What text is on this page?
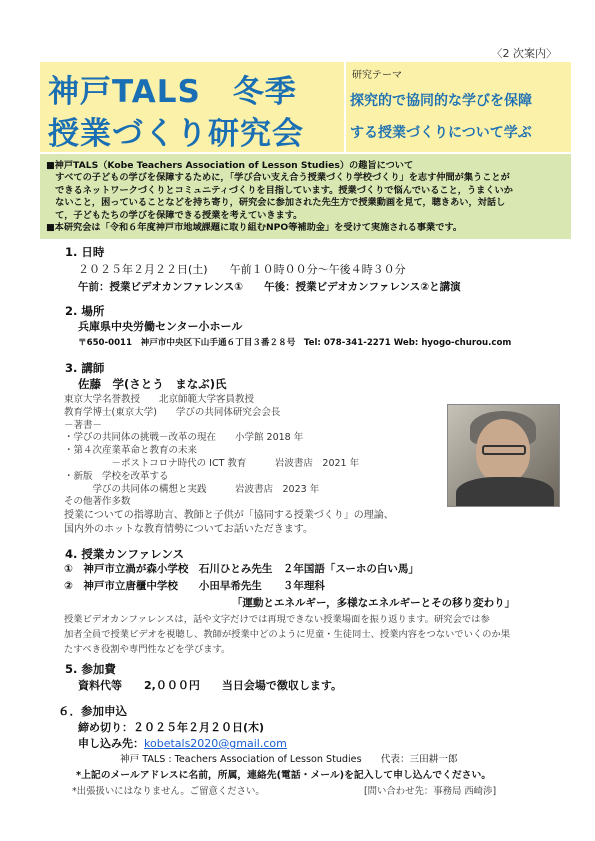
〈2 次案内〉
神戸TALS　冬季
授業づくり研究会
研究テーマ
探究的で協同的な学びを保障
する授業づくりについて学ぶ
■神戸TALS（Kobe Teachers Association of Lesson Studies）の趣旨について
　すべての子どもの学びを保障するために，「学び合い支え合う授業づくり学校づくり」を志す仲間が集うことが
　できるネットワークづくりとコミュニティづくりを目指しています。授業づくりで悩んでいること，うまくいか
　ないこと，困っていることなどを持ち寄り，研究会に参加された先生方で授業動画を見て，聴きあい，対話し
　て，子どもたちの学びを保障できる授業を考えていきます。
■本研究会は「令和６年度神戸市地域課題に取り組むNPO等補助金」を受けて実施される事業です。
1. 日時
２０２５年２月２２日(土)　　午前１０時００分～午後４時３０分
午前：授業ビデオカンファレンス①　　午後：授業ビデオカンファレンス②と講演
2. 場所
兵庫県中央労働センター小ホール
〒650-0011　神戸市中央区下山手通６丁目３番２８号　Tel: 078-341-2271 Web: hyogo-churou.com
3. 講師
佐藤　学(さとう　まなぶ)氏
東京大学名誉教授　　北京師範大学客員教授
教育学博士(東京大学)　　学びの共同体研究会会長
－著書－
・学びの共同体の挑戦－改革の現在　　小学館 2018 年
・第４次産業革命と教育の未来
　　　　　－ポストコロナ時代の ICT 教育　　　岩波書店　2021 年
・新版　学校を改革する
　　　学びの共同体の構想と実践　　　岩波書店　2023 年
その他著作多数
授業についての指導助言、教師と子供が「協同する授業づくり」の理論、
国内外のホットな教育情勢についてお話いただきます。
4. 授業カンファレンス
①　神戸市立渦が森小学校　石川ひとみ先生　２年国語「スーホの白い馬」
②　神戸市立唐櫃中学校　　小田早希先生　　３年理科
「運動とエネルギー，多様なエネルギーとその移り変わり」
授業ビデオカンファレンスは，話や文字だけでは再現できない授業場面を振り返ります。研究会では参
加者全員で授業ビデオを視聴し、教師が授業中どのように児童・生徒同士、授業内容をつないでいくのか果
たすべき役割や専門性などを学びます。
5. 参加費
資料代等　　2,０００円　　当日会場で徴収します。
６．参加申込
締め切り：２０２５年２月２０日(木)
申し込み先：kobetals2020@gmail.com
神戸 TALS : Teachers Association of Lesson Studies　　代表：三田耕一郎
*上記のメールアドレスに名前，所属，連絡先(電話・メール)を記入して申し込んでください。
*出張扱いにはなりません。ご留意ください。	[問い合わせ先：事務局 西崎渉]
